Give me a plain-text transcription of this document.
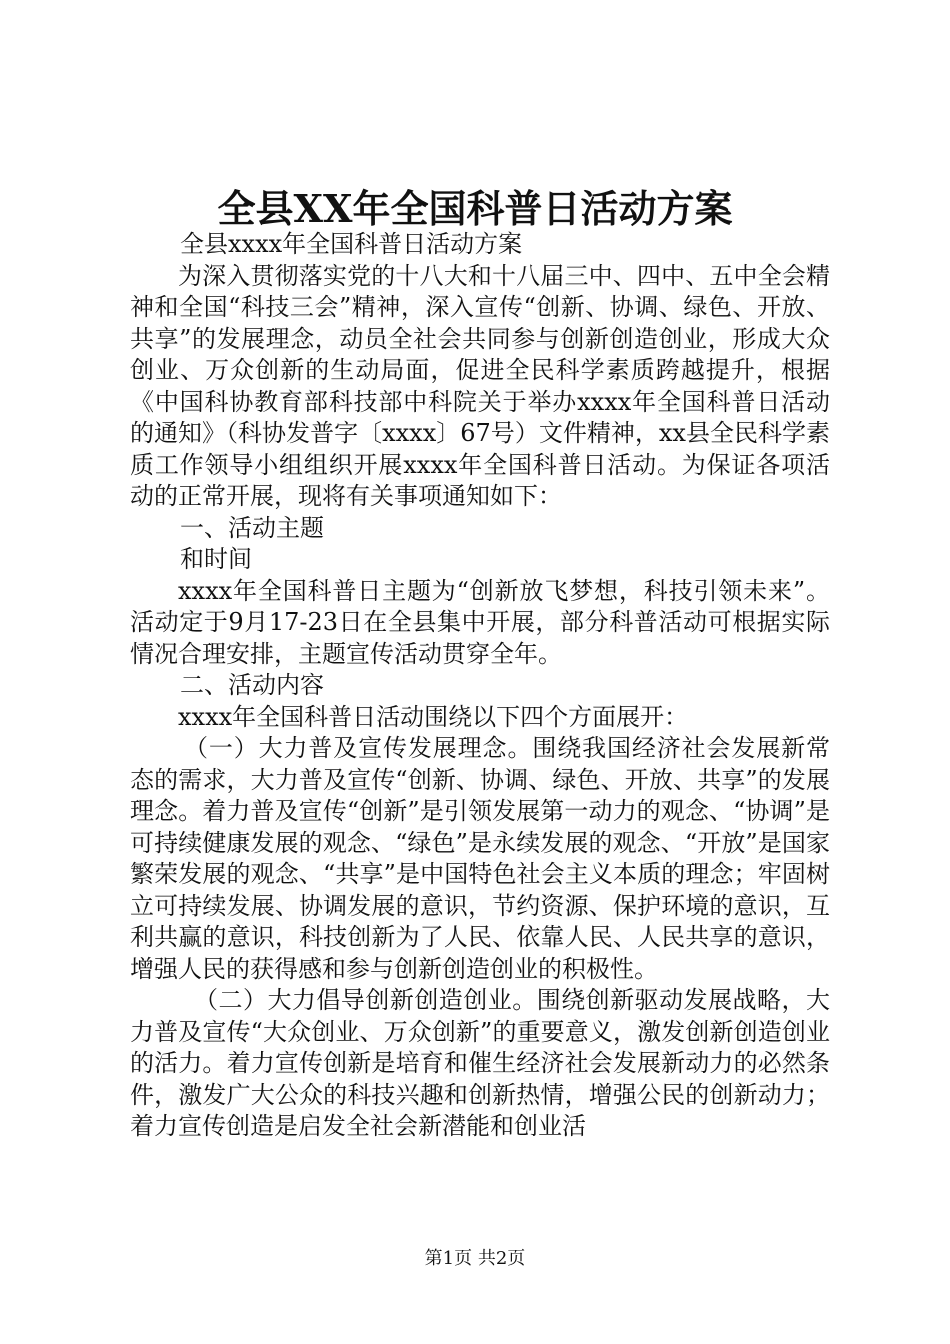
全县XX年全国科普日活动方案

全县xxxx年全国科普日活动方案

为深入贯彻落实党的十八大和十八届三中、四中、五中全会精神和全国“科技三会”精神，深入宣传“创新、协调、绿色、开放、共享”的发展理念，动员全社会共同参与创新创造创业，形成大众创业、万众创新的生动局面，促进全民科学素质跨越提升，根据《中国科协教育部科技部中科院关于举办xxxx年全国科普日活动的通知》（科协发普字〔xxxx〕67号）文件精神，xx县全民科学素质工作领导小组组织开展xxxx年全国科普日活动。为保证各项活动的正常开展，现将有关事项通知如下：

一、活动主题

和时间

xxxx年全国科普日主题为“创新放飞梦想，科技引领未来”。活动定于9月17-23日在全县集中开展，部分科普活动可根据实际情况合理安排，主题宣传活动贯穿全年。

二、活动内容

xxxx年全国科普日活动围绕以下四个方面展开：

（一）大力普及宣传发展理念。围绕我国经济社会发展新常态的需求，大力普及宣传“创新、协调、绿色、开放、共享”的发展理念。着力普及宣传“创新”是引领发展第一动力的观念、“协调”是可持续健康发展的观念、“绿色”是永续发展的观念、“开放”是国家繁荣发展的观念、“共享”是中国特色社会主义本质的理念；牢固树立可持续发展、协调发展的意识，节约资源、保护环境的意识，互利共赢的意识，科技创新为了人民、依靠人民、人民共享的意识，增强人民的获得感和参与创新创造创业的积极性。

（二）大力倡导创新创造创业。围绕创新驱动发展战略，大力普及宣传“大众创业、万众创新”的重要意义，激发创新创造创业的活力。着力宣传创新是培育和催生经济社会发展新动力的必然条件，激发广大公众的科技兴趣和创新热情，增强公民的创新动力；着力宣传创造是启发全社会新潜能和创业活

第1页 共2页
